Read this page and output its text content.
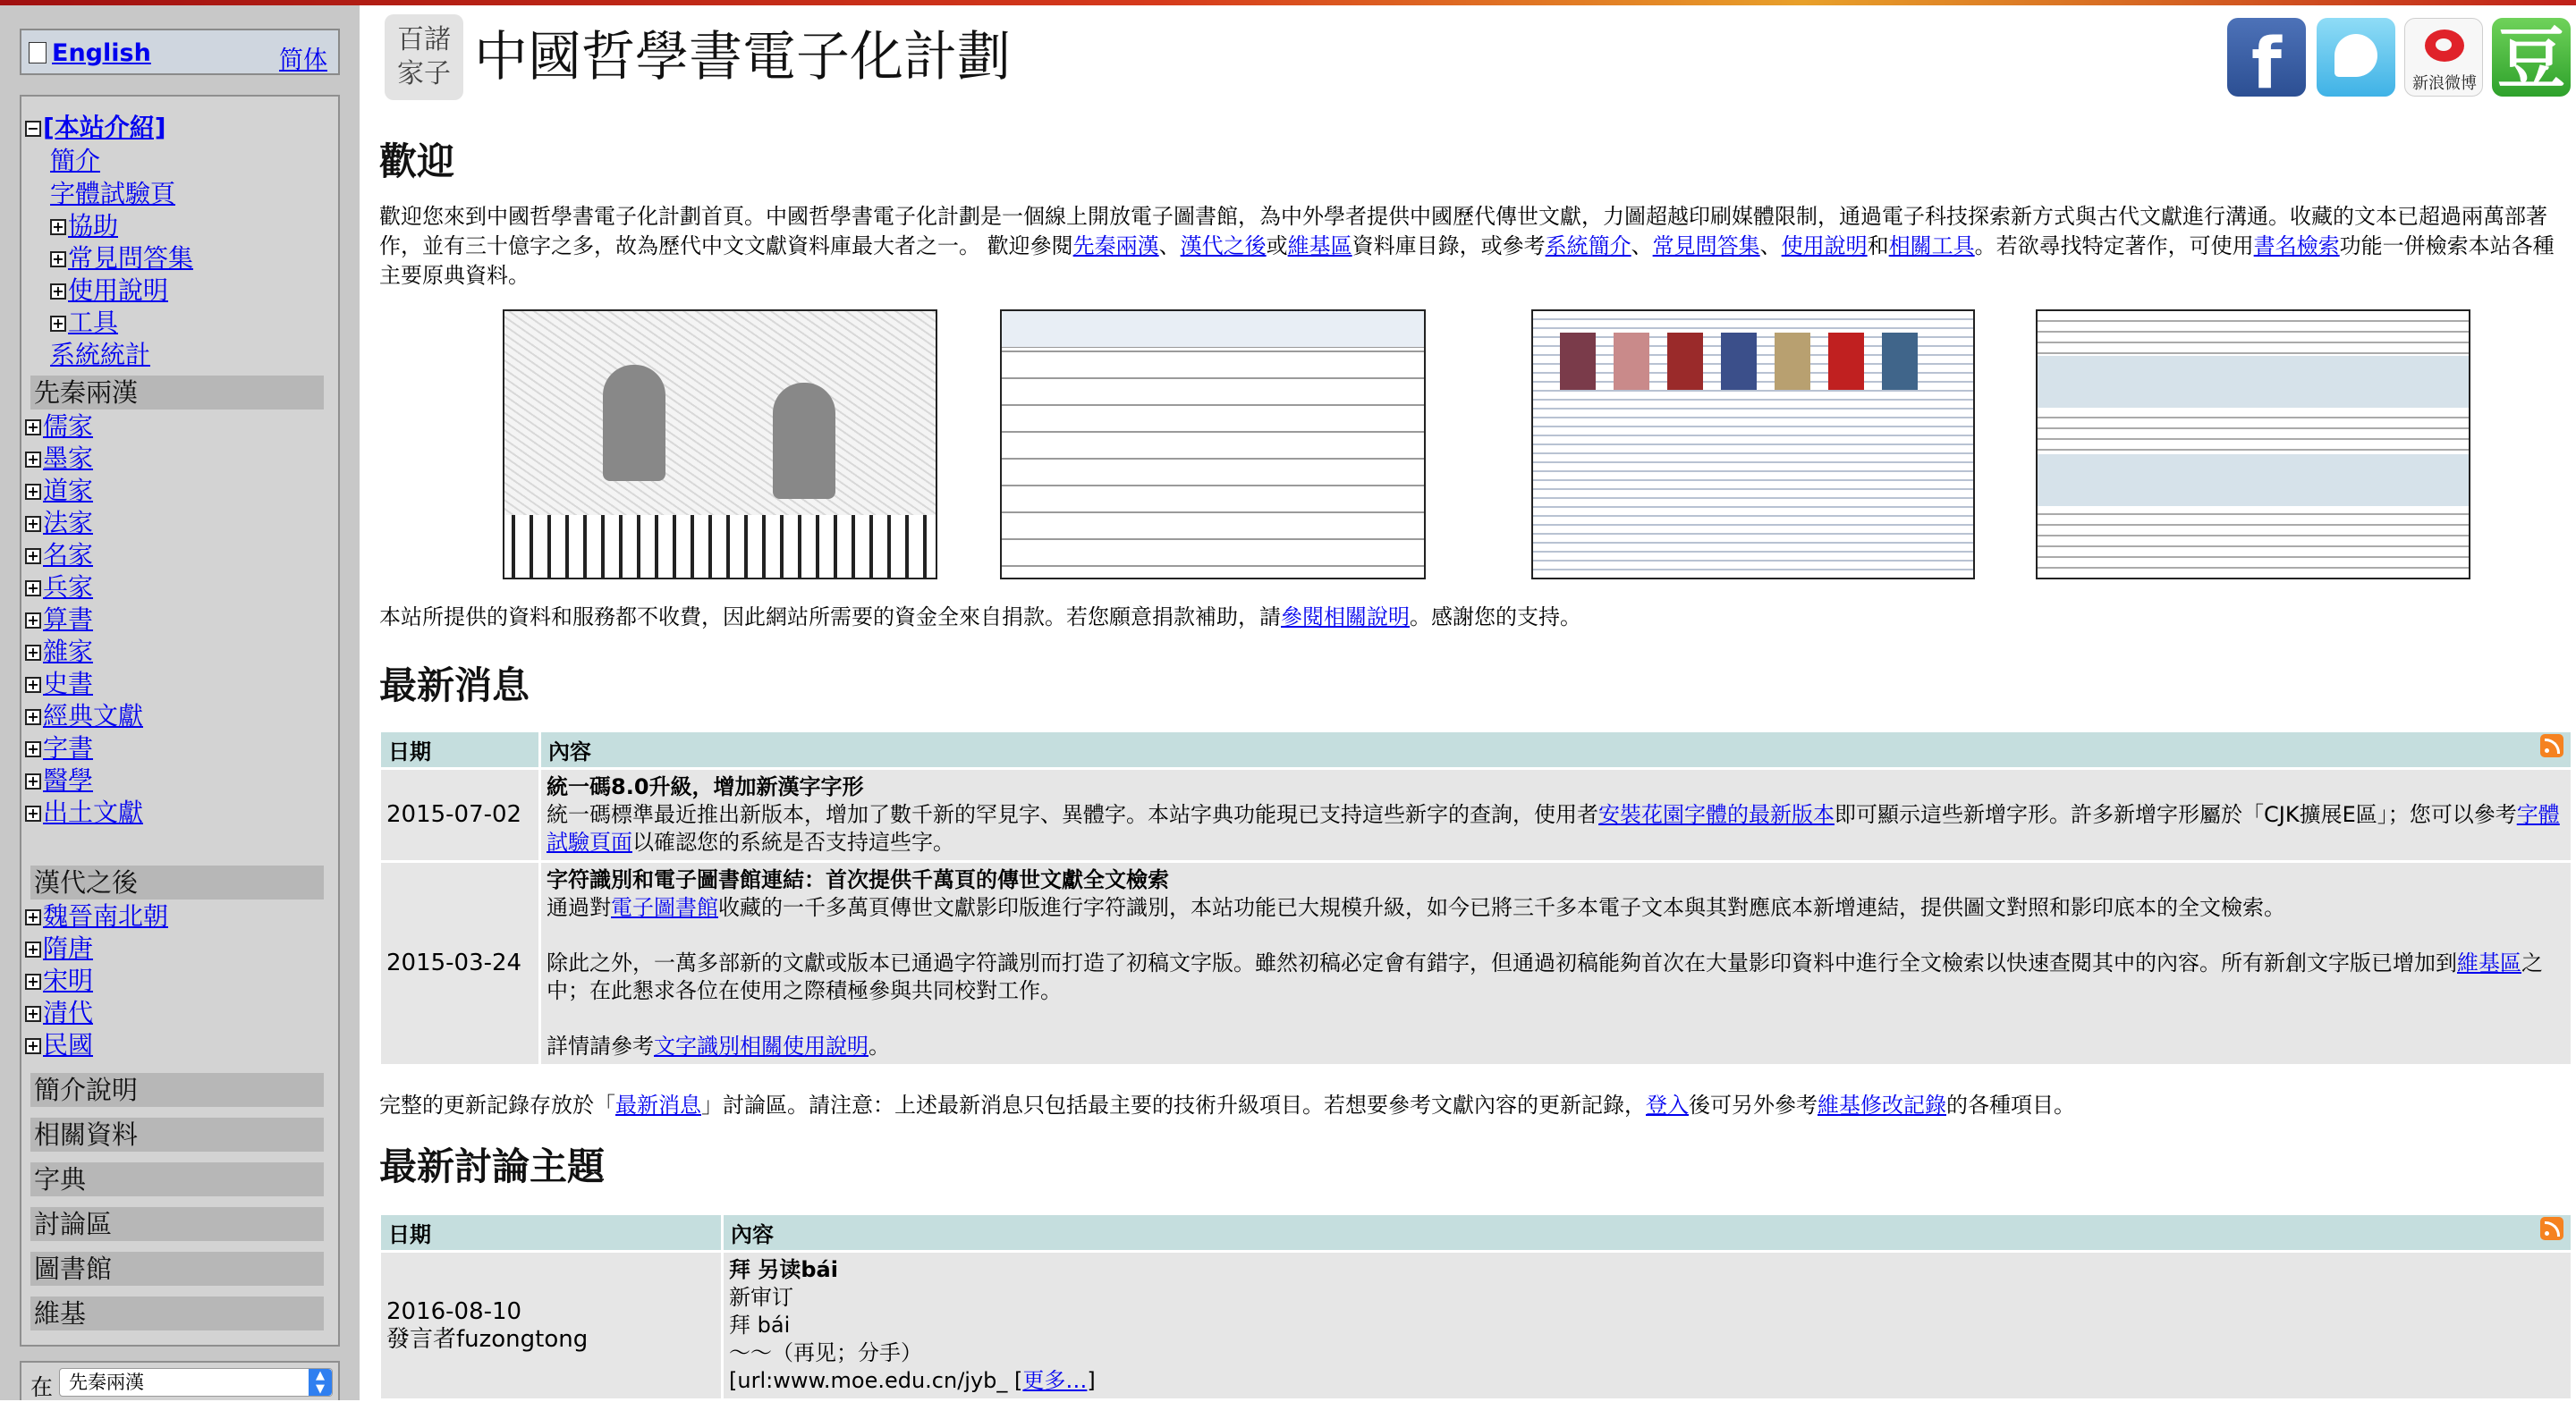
English	简体
− [本站介紹]
簡介
字體試驗頁
+ 協助
+ 常見問答集
+ 使用說明
+ 工具
系統統計
先秦兩漢
+ 儒家
+ 墨家
+ 道家
+ 法家
+ 名家
+ 兵家
+ 算書
+ 雜家
+ 史書
+ 經典文獻
+ 字書
+ 醫學
+ 出土文獻
漢代之後
+ 魏晉南北朝
+ 隋唐
+ 宋明
+ 清代
+ 民國
簡介說明
相關資料
字典
討論區
圖書館
維基
在 先秦兩漢	▲
▼
百諸家子 中國哲學書電子化計劃	f	新浪微博 豆
歡迎
歡迎您來到中國哲學書電子化計劃首頁。中國哲學書電子化計劃是一個線上開放電子圖書館，為中外學者提供中國歷代傳世文獻，力圖超越印刷媒體限制，通過電子科技探索新方式與古代文獻進行溝通。收藏的文本已超過兩萬部著作，並有三十億字之多，故為歷代中文文獻資料庫最大者之一。 歡迎參閱先秦兩漢、漢代之後或維基區資料庫目錄，或參考系統簡介、常見問答集、使用說明和相關工具。若欲尋找特定著作，可使用書名檢索功能一併檢索本站各種主要原典資料。
本站所提供的資料和服務都不收費，因此網站所需要的資金全來自捐款。若您願意捐款補助，請參閱相關說明。感謝您的支持。
最新消息
日期	內容

2015-07-02	統一碼8.0升級，增加新漢字字形
統一碼標準最近推出新版本，增加了數千新的罕見字、異體字。本站字典功能現已支持這些新字的查詢，使用者安裝花園字體的最新版本即可顯示這些新增字形。許多新增字形屬於「CJK擴展E區」；您可以參考字體試驗頁面以確認您的系統是否支持這些字。
2015-03-24	字符識別和電子圖書館連結：首次提供千萬頁的傳世文獻全文檢索
通過對電子圖書館收藏的一千多萬頁傳世文獻影印版進行字符識別，本站功能已大規模升級，如今已將三千多本電子文本與其對應底本新增連結，提供圖文對照和影印底本的全文檢索。

除此之外，一萬多部新的文獻或版本已通過字符識別而打造了初稿文字版。雖然初稿必定會有錯字，但通過初稿能夠首次在大量影印資料中進行全文檢索以快速查閱其中的內容。所有新創文字版已增加到維基區之中；在此懇求各位在使用之際積極參與共同校對工作。

詳情請參考文字識別相關使用說明。
完整的更新記錄存放於「最新消息」討論區。請注意：上述最新消息只包括最主要的技術升級項目。若想要參考文獻內容的更新記錄，登入後可另外參考維基修改記錄的各種項目。
最新討論主題
日期	內容

2016-08-10
發言者fuzongtong	拜 另读bái
新审订
拜 bái
～～（再见；分手）
[url:www.moe.edu.cn/jyb_ [更多…]
